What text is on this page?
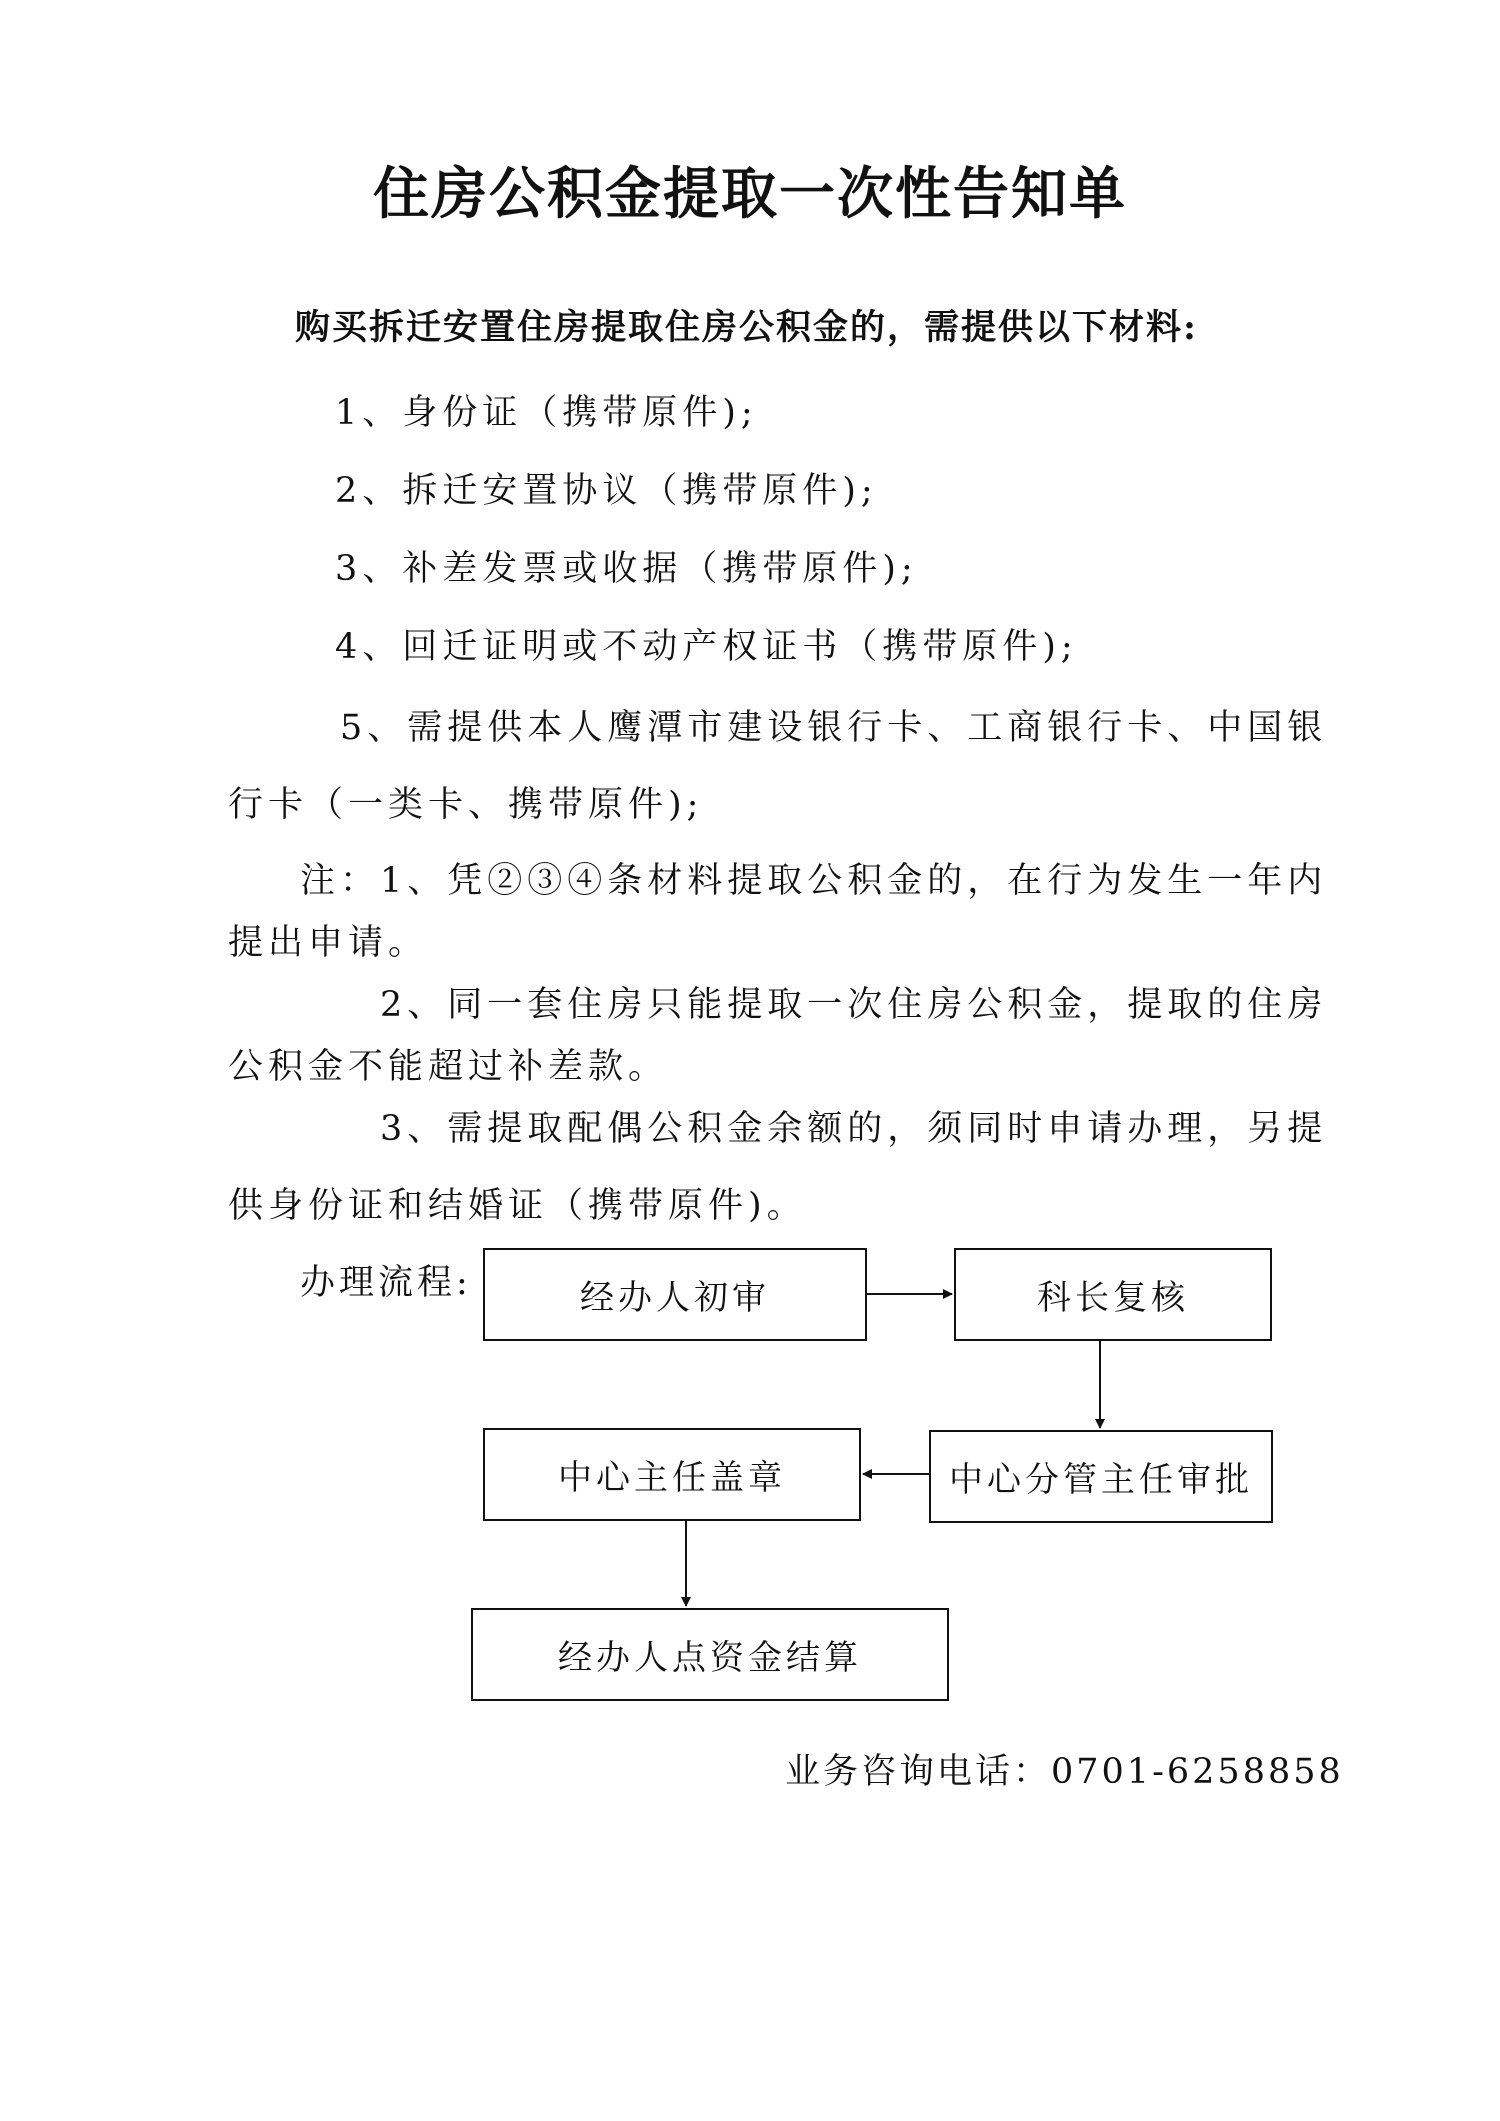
住房公积金提取一次性告知单
购买拆迁安置住房提取住房公积金的，需提供以下材料:
1、身份证（携带原件);
2、拆迁安置协议（携带原件);
3、补差发票或收据（携带原件);
4、回迁证明或不动产权证书（携带原件);
5、需提供本人鹰潭市建设银行卡、工商银行卡、中国银
行卡（一类卡、携带原件);
注：1、凭②③④条材料提取公积金的，在行为发生一年内
提出申请。
2、同一套住房只能提取一次住房公积金，提取的住房
公积金不能超过补差款。
3、需提取配偶公积金余额的，须同时申请办理，另提
供身份证和结婚证（携带原件)。
办理流程:	经办人初审	科长复核
中心分管主任审批
中心主任盖章
经办人点资金结算
业务咨询电话：0701-6258858
